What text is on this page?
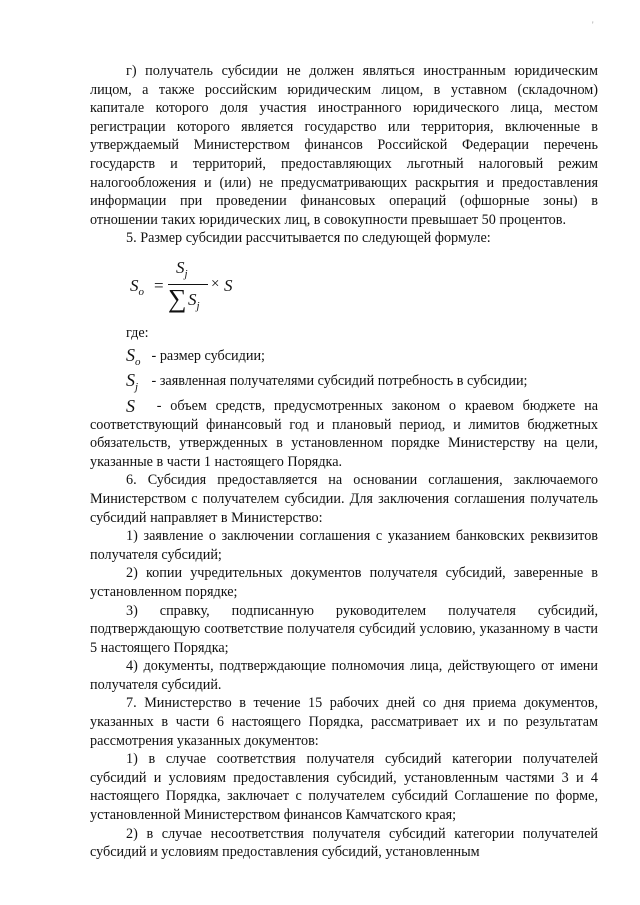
'

г) получатель субсидии не должен являться иностранным юридическим лицом, а также российским юридическим лицом, в уставном (складочном) капитале которого доля участия иностранного юридического лица, местом регистрации которого является государство или территория, включенные в утверждаемый Министерством финансов Российской Федерации перечень государств и территорий, предоставляющих льготный налоговый режим налогообложения и (или) не предусматривающих раскрытия и предоставления информации при проведении финансовых операций (офшорные зоны) в отношении таких юридических лиц, в совокупности превышает 50 процентов.

5. Размер субсидии рассчитывается по следующей формуле:

$S_o$ =
$S_j$
∑ $S_j$
× S

где:

$S_o$ - размер субсидии;
$S_j$ - заявленная получателями субсидий потребность в субсидии;

S - объем средств, предусмотренных законом о краевом бюджете на соответствующий финансовый год и плановый период, и лимитов бюджетных обязательств, утвержденных в установленном порядке Министерству на цели, указанные в части 1 настоящего Порядка.

6. Субсидия предоставляется на основании соглашения, заключаемого Министерством с получателем субсидии. Для заключения соглашения получатель субсидий направляет в Министерство:

1) заявление о заключении соглашения с указанием банковских реквизитов получателя субсидий;

2) копии учредительных документов получателя субсидий, заверенные в установленном порядке;

3) справку, подписанную руководителем получателя субсидий, подтверждающую соответствие получателя субсидий условию, указанному в части 5 настоящего Порядка;

4) документы, подтверждающие полномочия лица, действующего от имени получателя субсидий.

7. Министерство в течение 15 рабочих дней со дня приема документов, указанных в части 6 настоящего Порядка, рассматривает их и по результатам рассмотрения указанных документов:

1) в случае соответствия получателя субсидий категории получателей субсидий и условиям предоставления субсидий, установленным частями 3 и 4 настоящего Порядка, заключает с получателем субсидий Соглашение по форме, установленной Министерством финансов Камчатского края;

2) в случае несоответствия получателя субсидий категории получателей субсидий и условиям предоставления субсидий, установленным
